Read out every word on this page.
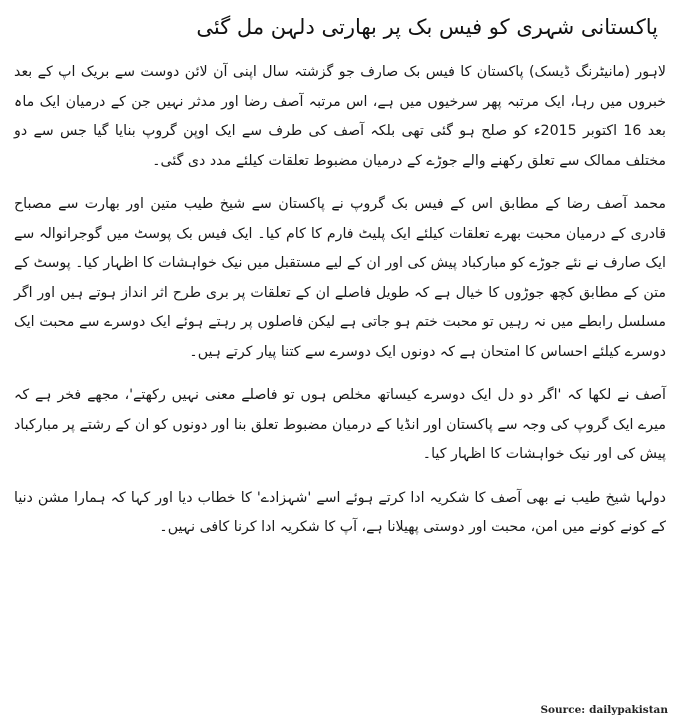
پاکستانی شہری کو فیس بک پر بھارتی دلہن مل گئی

لاہور (مانیٹرنگ ڈیسک) پاکستان کا فیس بک صارف جو گزشتہ سال اپنی آن لائن دوست سے بریک اپ کے بعد خبروں میں رہا، ایک مرتبہ پھر سرخیوں میں ہے، اس مرتبہ آصف رضا اور مدثر نہیں جن کے درمیان ایک ماہ بعد 16 اکتوبر 2015ء کو صلح ہو گئی تھی بلکہ آصف کی طرف سے ایک اوپن گروپ بنایا گیا جس سے دو مختلف ممالک سے تعلق رکھنے والے جوڑے کے درمیان مضبوط تعلقات کیلئے مدد دی گئی۔

محمد آصف رضا کے مطابق اس کے فیس بک گروپ نے پاکستان سے شیخ طیب متین اور بھارت سے مصباح قادری کے درمیان محبت بھرے تعلقات کیلئے ایک پلیٹ فارم کا کام کیا۔ ایک فیس بک پوسٹ میں گوجرانوالہ سے ایک صارف نے نئے جوڑے کو مبارکباد پیش کی اور ان کے لیے مستقبل میں نیک خواہشات کا اظہار کیا۔ پوسٹ کے متن کے مطابق کچھ جوڑوں کا خیال ہے کہ طویل فاصلے ان کے تعلقات پر بری طرح اثر انداز ہوتے ہیں اور اگر مسلسل رابطے میں نہ رہیں تو محبت ختم ہو جاتی ہے لیکن فاصلوں پر رہتے ہوئے ایک دوسرے سے محبت ایک دوسرے کیلئے احساس کا امتحان ہے کہ دونوں ایک دوسرے سے کتنا پیار کرتے ہیں۔

آصف نے لکھا کہ 'اگر دو دل ایک دوسرے کیساتھ مخلص ہوں تو فاصلے معنی نہیں رکھتے'، مجھے فخر ہے کہ میرے ایک گروپ کی وجہ سے پاکستان اور انڈیا کے درمیان مضبوط تعلق بنا اور دونوں کو ان کے رشتے پر مبارکباد پیش کی اور نیک خواہشات کا اظہار کیا۔

دولہا شیخ طیب نے بھی آصف کا شکریہ ادا کرتے ہوئے اسے 'شہزادے' کا خطاب دیا اور کہا کہ ہمارا مشن دنیا کے کونے کونے میں امن، محبت اور دوستی پھیلانا ہے، آپ کا شکریہ ادا کرنا کافی نہیں۔

Source: dailypakistan
